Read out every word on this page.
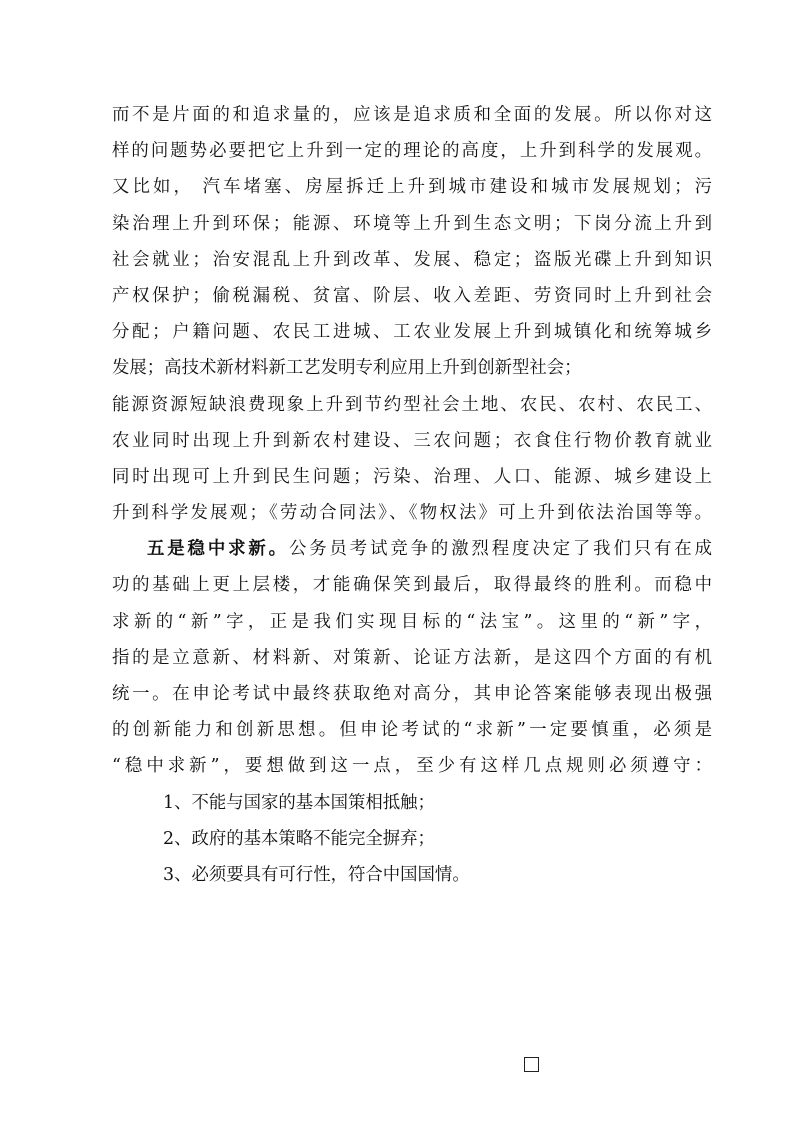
而不是片面的和追求量的，应该是追求质和全面的发展。所以你对这
样的问题势必要把它上升到一定的理论的高度，上升到科学的发展观。
又比如， 汽车堵塞、房屋拆迁上升到城市建设和城市发展规划；污
染治理上升到环保；能源、环境等上升到生态文明；下岗分流上升到
社会就业；治安混乱上升到改革、发展、稳定；盗版光碟上升到知识
产权保护；偷税漏税、贫富、阶层、收入差距、劳资同时上升到社会
分配；户籍问题、农民工进城、工农业发展上升到城镇化和统筹城乡
发展；高技术新材料新工艺发明专利应用上升到创新型社会；
能源资源短缺浪费现象上升到节约型社会土地、农民、农村、农民工、
农业同时出现上升到新农村建设、三农问题；衣食住行物价教育就业
同时出现可上升到民生问题；污染、治理、人口、能源、城乡建设上
升到科学发展观；《劳动合同法》、《物权法》可上升到依法治国等等。
五是稳中求新。公务员考试竞争的激烈程度决定了我们只有在成
功的基础上更上层楼，才能确保笑到最后，取得最终的胜利。而稳中
求新的“新”字，正是我们实现目标的“法宝”。这里的“新”字，
指的是立意新、材料新、对策新、论证方法新，是这四个方面的有机
统一。在申论考试中最终获取绝对高分，其申论答案能够表现出极强
的创新能力和创新思想。但申论考试的“求新”一定要慎重，必须是
“稳中求新”，要想做到这一点，至少有这样几点规则必须遵守：
1、不能与国家的基本国策相抵触；
2、政府的基本策略不能完全摒弃；
3、必须要具有可行性，符合中国国情。
